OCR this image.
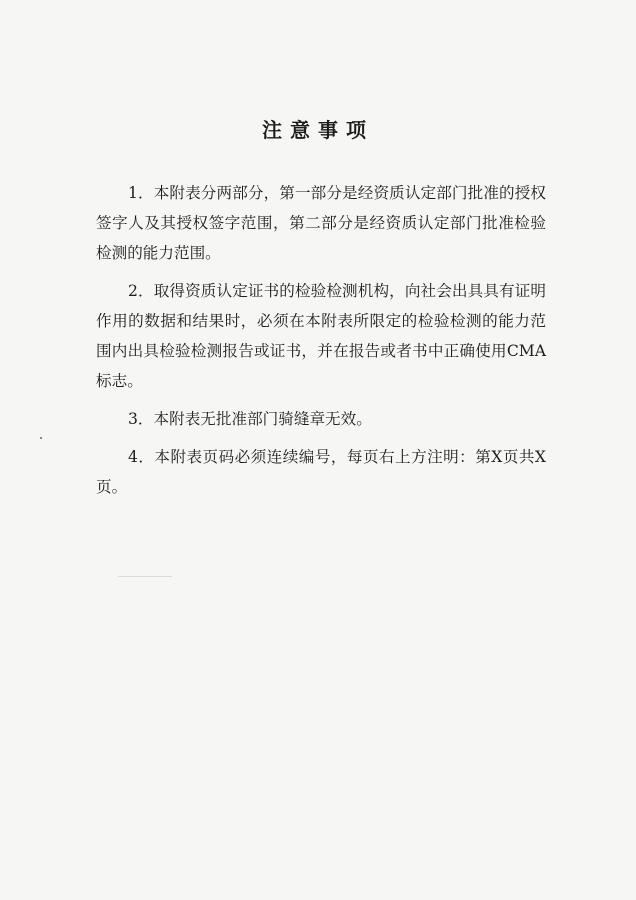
注意事项

1．本附表分两部分，第一部分是经资质认定部门批准的授权签字人及其授权签字范围，第二部分是经资质认定部门批准检验检测的能力范围。

2．取得资质认定证书的检验检测机构，向社会出具具有证明作用的数据和结果时，必须在本附表所限定的检验检测的能力范围内出具检验检测报告或证书，并在报告或者书中正确使用CMA标志。

3．本附表无批准部门骑缝章无效。

4．本附表页码必须连续编号，每页右上方注明：第X页共X页。
